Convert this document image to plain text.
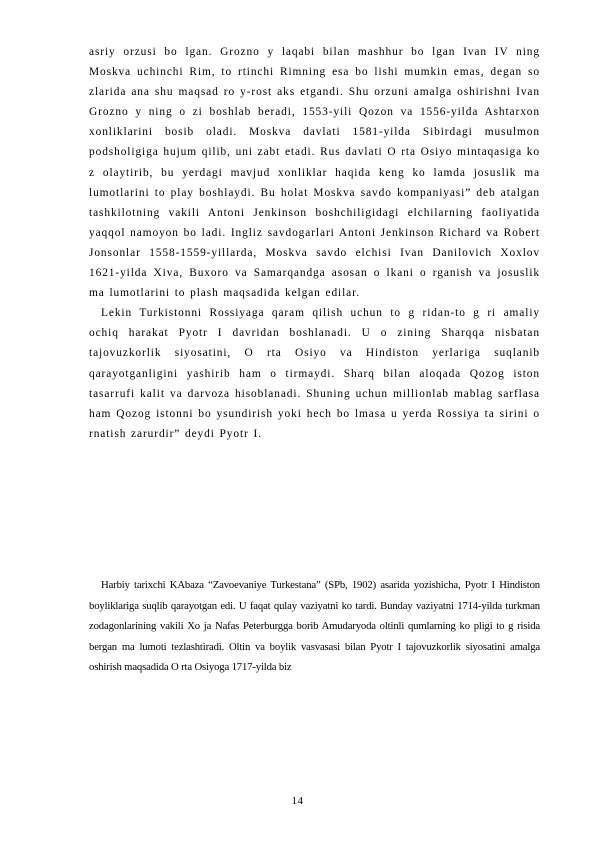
asriy orzusi bo lgan. Grozno y laqabi bilan mashhur bo lgan Ivan IV ning Moskva uchinchi Rim, to rtinchi Rimning esa bo lishi mumkin emas, degan so zlarida ana shu maqsad ro y-rost aks etgandi. Shu orzuni amalga oshirishni Ivan Grozno y ning o zi boshlab beradi, 1553-yili Qozon va 1556-yilda Ashtarxon xonliklarini bosib oladi. Moskva davlati 1581-yilda Sibirdagi musulmon podsholigiga hujum qilib, uni zabt etadi. Rus davlati O rta Osiyo mintaqasiga ko z olaytirib, bu yerdagi mavjud xonliklar haqida keng ko lamda josuslik ma lumotlarini to play boshlaydi. Bu holat Moskva savdo kompaniyasi” deb atalgan tashkilotning vakili Antoni Jenkinson boshchiligidagi elchilarning faoliyatida yaqqol namoyon bo ladi. Ingliz savdogarlari Antoni Jenkinson Richard va Robert Jonsonlar 1558-1559-yillarda, Moskva savdo elchisi Ivan Danilovich Xoxlov 1621-yilda Xiva, Buxoro va Samarqandga asosan o lkani o rganish va josuslik ma lumotlarini to plash maqsadida kelgan edilar.

Lekin Turkistonni Rossiyaga qaram qilish uchun to g ridan-to g ri amaliy ochiq harakat Pyotr I davridan boshlanadi. U o zining Sharqqa nisbatan tajovuzkorlik siyosatini, O rta Osiyo va Hindiston yerlariga suqlanib qarayotganligini yashirib ham o tirmaydi. Sharq bilan aloqada Qozog iston tasarrufi kalit va darvoza hisoblanadi. Shuning uchun millionlab mablag sarflasa ham Qozog istonni bo ysundirish yoki hech bo lmasa u yerda Rossiya ta sirini o rnatish zarurdir” deydi Pyotr I.

Harbiy tarixchi KAbaza “Zavoevaniye Turkestana” (SPb, 1902) asarida yozishicha, Pyotr I Hindiston boyliklariga suqlib qarayotgan edi. U faqat qulay vaziyatni ko tardi. Bunday vaziyatni 1714-yilda turkman zodagonlarining vakili Xo ja Nafas Peterburgga borib Amudaryoda oltinli qumlarning ko pligi to g risida bergan ma lumoti tezlashtiradi. Oltin va boylik vasvasasi bilan Pyotr I tajovuzkorlik siyosatini amalga oshirish maqsadida O rta Osiyoga 1717-yilda biz

14
